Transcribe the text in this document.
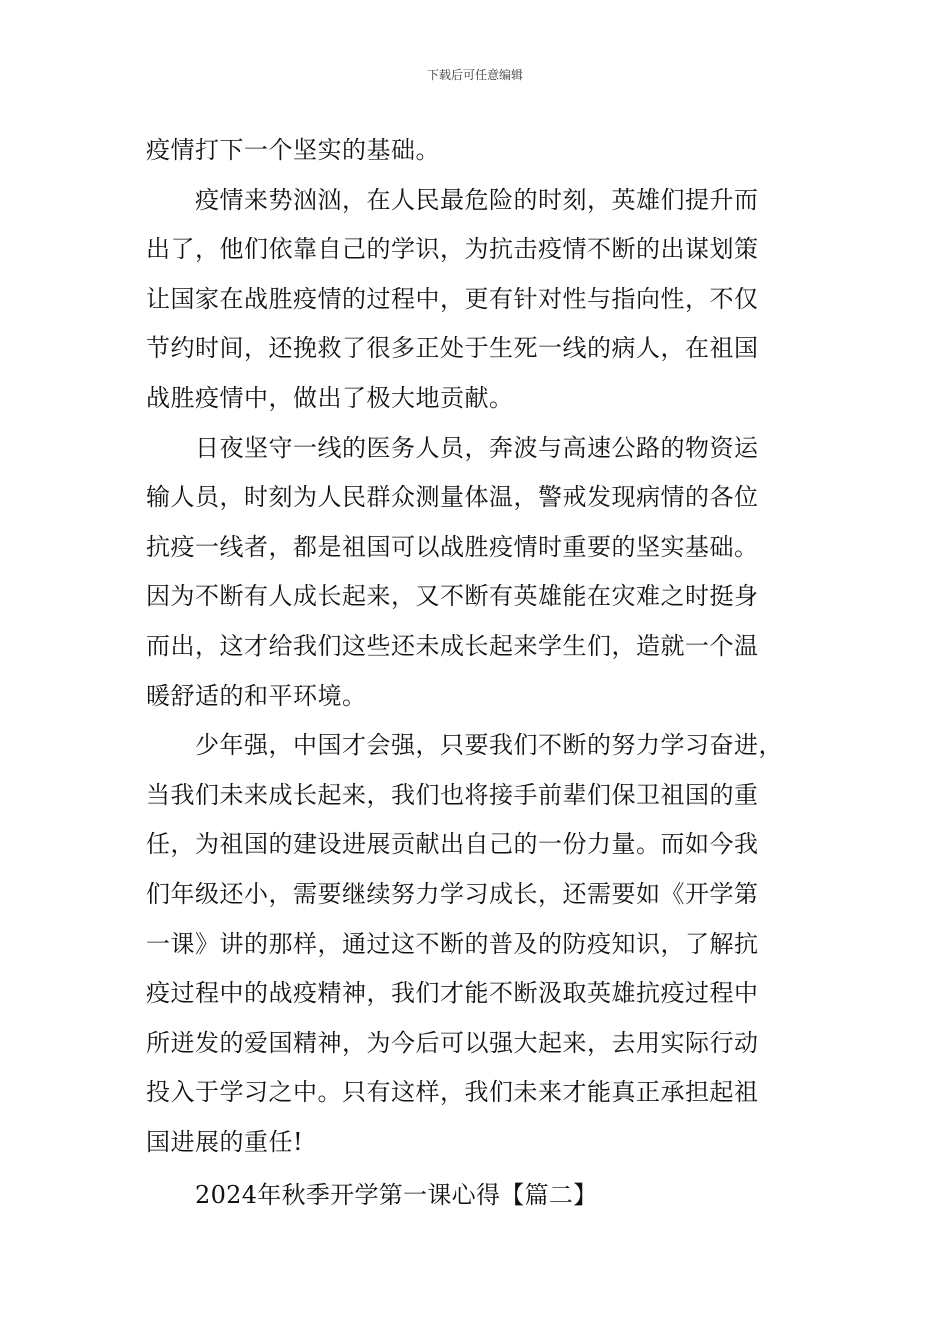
下载后可任意编辑
疫情打下一个坚实的基础。
疫情来势汹汹，在人民最危险的时刻，英雄们提升而
出了，他们依靠自己的学识，为抗击疫情不断的出谋划策
让国家在战胜疫情的过程中，更有针对性与指向性，不仅
节约时间，还挽救了很多正处于生死一线的病人，在祖国
战胜疫情中，做出了极大地贡献。
日夜坚守一线的医务人员，奔波与高速公路的物资运
输人员，时刻为人民群众测量体温，警戒发现病情的各位
抗疫一线者，都是祖国可以战胜疫情时重要的坚实基础。
因为不断有人成长起来，又不断有英雄能在灾难之时挺身
而出，这才给我们这些还未成长起来学生们，造就一个温
暖舒适的和平环境。
少年强，中国才会强，只要我们不断的努力学习奋进，
当我们未来成长起来，我们也将接手前辈们保卫祖国的重
任，为祖国的建设进展贡献出自己的一份力量。而如今我
们年级还小，需要继续努力学习成长，还需要如《开学第
一课》讲的那样，通过这不断的普及的防疫知识，了解抗
疫过程中的战疫精神，我们才能不断汲取英雄抗疫过程中
所迸发的爱国精神，为今后可以强大起来，去用实际行动
投入于学习之中。只有这样，我们未来才能真正承担起祖
国进展的重任!
2024年秋季开学第一课心得【篇二】
